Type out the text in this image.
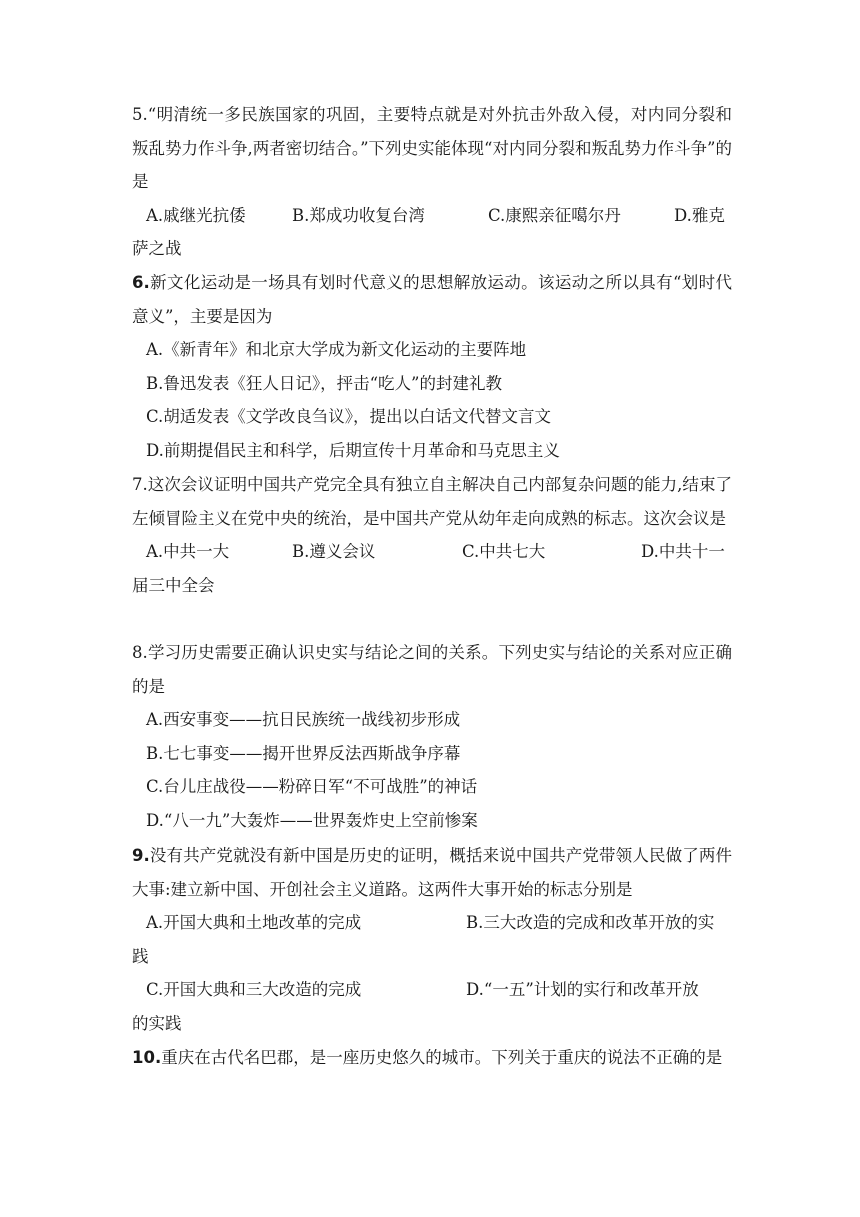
5.“明清统一多民族国家的巩固，主要特点就是对外抗击外敌入侵，对内同分裂和叛乱势力作斗争,两者密切结合。”下列史实能体现“对内同分裂和叛乱势力作斗争”的是

A.戚继光抗倭	B.郑成功收复台湾	C.康熙亲征噶尔丹	D.雅克

萨之战

6.新文化运动是一场具有划时代意义的思想解放运动。该运动之所以具有“划时代意义”，主要是因为

A.《新青年》和北京大学成为新文化运动的主要阵地

B.鲁迅发表《狂人日记》，抨击“吃人”的封建礼教

C.胡适发表《文学改良刍议》，提出以白话文代替文言文

D.前期提倡民主和科学，后期宣传十月革命和马克思主义

7.这次会议证明中国共产党完全具有独立自主解决自己内部复杂问题的能力,结束了左倾冒险主义在党中央的统治，是中国共产党从幼年走向成熟的标志。这次会议是

A.中共一大	B.遵义会议	C.中共七大	D.中共十一

届三中全会

8.学习历史需要正确认识史实与结论之间的关系。下列史实与结论的关系对应正确的是

A.西安事变——抗日民族统一战线初步形成

B.七七事变——揭开世界反法西斯战争序幕

C.台儿庄战役——粉碎日军“不可战胜”的神话

D.“八一九”大轰炸——世界轰炸史上空前惨案

9.没有共产党就没有新中国是历史的证明，概括来说中国共产党带领人民做了两件大事:建立新中国、开创社会主义道路。这两件大事开始的标志分别是

A.开国大典和土地改革的完成	B.三大改造的完成和改革开放的实

践

C.开国大典和三大改造的完成	D.“一五”计划的实行和改革开放

的实践

10.重庆在古代名巴郡，是一座历史悠久的城市。下列关于重庆的说法不正确的是
